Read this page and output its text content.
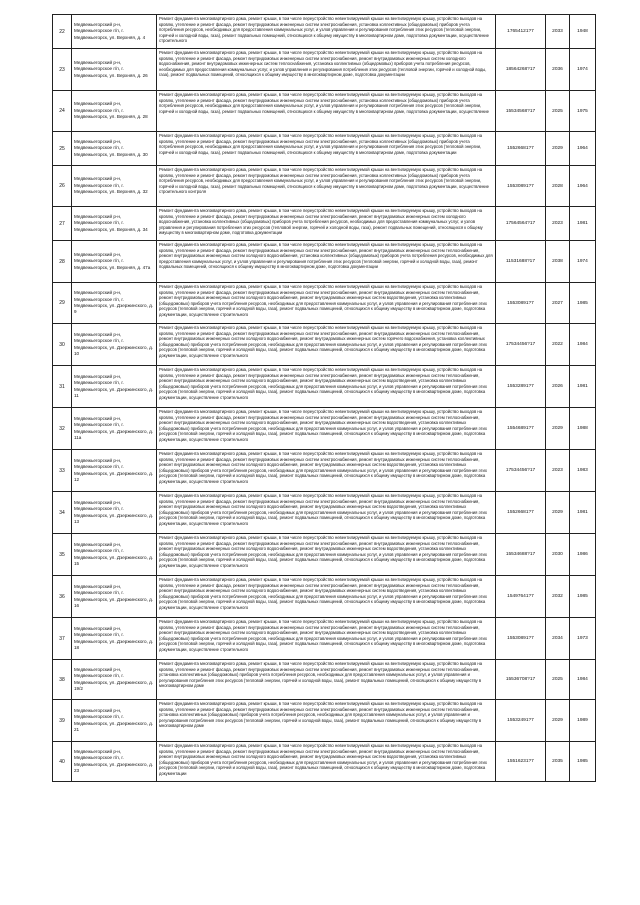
22	Медвежьегорский р-н, Медвежьегорское г/п, г. Медвежьегорск, ул. Верхняя, д. 4	Ремонт фундамента многоквартирного дома, ремонт крыши, в том числе переустройство невентилируемой крыши на вентилируемую крышу, устройство выходов на кровлю, утепление и ремонт фасада, ремонт внутридомовых инженерных систем электроснабжения, установка коллективных (общедомовых) приборов учета потребления ресурсов, необходимых для предоставления коммунальных услуг, и узлов управления и регулирования потребления этих ресурсов (тепловой энергии, горячей и холодной воды, газа), ремонт подвальных помещений, относящихся к общему имуществу в многоквартирном доме, подготовка документации, осуществление строительного	17654121?7	2033	1948
23	Медвежьегорский р-н, Медвежьегорское г/п, г. Медвежьегорск, ул. Верхняя, д. 26	Ремонт фундамента многоквартирного дома, ремонт крыши, в том числе переустройство невентилируемой крыши на вентилируемую крышу, устройство выходов на кровлю, утепление и ремонт фасада, ремонт внутридомовых инженерных систем электроснабжения, ремонт внутридомовых инженерных систем холодного водоснабжения, ремонт внутридомовых инженерных систем теплоснабжения, установка коллективных (общедомовых) приборов учета потребления ресурсов, необходимых для предоставления коммунальных услуг, и узлов управления и регулирования потребления этих ресурсов (тепловой энергии, горячей и холодной воды, газа), ремонт подвальных помещений, относящихся к общему имуществу в многоквартирном доме, подготовка документации	18564268?17	2036	1974
24	Медвежьегорский р-н, Медвежьегорское г/п, г. Медвежьегорск, ул. Верхняя, д. 28	Ремонт фундамента многоквартирного дома, ремонт крыши, в том числе переустройство невентилируемой крыши на вентилируемую крышу, устройство выходов на кровлю, утепление и ремонт фасада, ремонт внутридомовых инженерных систем электроснабжения, установка коллективных (общедомовых) приборов учета потребления ресурсов, необходимых для предоставления коммунальных услуг, и узлов управления и регулирования потребления этих ресурсов (тепловой энергии, горячей и холодной воды, газа), ремонт подвальных помещений, относящихся к общему имуществу в многоквартирном доме, подготовка документации, осуществление	15534568?17	2025	1975
25	Медвежьегорский р-н, Медвежьегорское г/п, г. Медвежьегорск, ул. Верхняя, д. 30	Ремонт фундамента многоквартирного дома, ремонт крыши, в том числе переустройство невентилируемой крыши на вентилируемую крышу, устройство выходов на кровлю, утепление и ремонт фасада, ремонт внутридомовых инженерных систем электроснабжения, установка коллективных (общедомовых) приборов учета потребления ресурсов, необходимых для предоставления коммунальных услуг, и узлов управления и регулирования потребления этих ресурсов (тепловой энергии, горячей и холодной воды, газа), ремонт подвальных помещений, относящихся к общему имуществу в многоквартирном доме, подготовка документации	15526681?7	2029	1964
26	Медвежьегорский р-н, Медвежьегорское г/п, г. Медвежьегорск, ул. Верхняя, д. 32	Ремонт фундамента многоквартирного дома, ремонт крыши, в том числе переустройство невентилируемой крыши на вентилируемую крышу, устройство выходов на кровлю, утепление и ремонт фасада, ремонт внутридомовых инженерных систем электроснабжения, установка коллективных (общедомовых) приборов учета потребления ресурсов, необходимых для предоставления коммунальных услуг, и узлов управления и регулирования потребления этих ресурсов (тепловой энергии, горячей и холодной воды, газа), ремонт подвальных помещений, относящихся к общему имуществу в многоквартирном доме, подготовка документации, осуществление строительного контроля	15530891?7	2028	1964
27	Медвежьегорский р-н, Медвежьегорское г/п, г. Медвежьегорск, ул. Верхняя, д. 34	Ремонт фундамента многоквартирного дома, ремонт крыши, в том числе переустройство невентилируемой крыши на вентилируемую крышу, устройство выходов на кровлю, утепление и ремонт фасада, ремонт внутридомовых инженерных систем электроснабжения, ремонт внутридомовых инженерных систем холодного водоснабжения, установка коллективных (общедомовых) приборов учета потребления ресурсов, необходимых для предоставления коммунальных услуг, и узлов управления и регулирования потребления этих ресурсов (тепловой энергии, горячей и холодной воды, газа), ремонт подвальных помещений, относящихся к общему имуществу в многоквартирном доме, подготовка документации	17564564?17	2023	1981
28	Медвежьегорский р-н, Медвежьегорское г/п, г. Медвежьегорск, ул. Верхняя, д. 47а	Ремонт фундамента многоквартирного дома, ремонт крыши, в том числе переустройство невентилируемой крыши на вентилируемую крышу, устройство выходов на кровлю, утепление и ремонт фасада, ремонт внутридомовых инженерных систем электроснабжения, ремонт внутридомовых инженерных систем теплоснабжения, ремонт внутридомовых инженерных систем холодного водоснабжения, установка коллективных (общедомовых) приборов учета потребления ресурсов, необходимых для предоставления коммунальных услуг, и узлов управления и регулирования потребления этих ресурсов (тепловой энергии, горячей и холодной воды, газа), ремонт подвальных помещений, относящихся к общему имуществу в многоквартирном доме, подготовка документации	11531688?17	2038	1974
29	Медвежьегорский р-н, Медвежьегорское г/п, г. Медвежьегорск, ул. Дзержинского, д. 9	Ремонт фундамента многоквартирного дома, ремонт крыши, в том числе переустройство невентилируемой крыши на вентилируемую крышу, устройство выходов на кровлю, утепление и ремонт фасада, ремонт внутридомовых инженерных систем электроснабжения, ремонт внутридомовых инженерных систем теплоснабжения, ремонт внутридомовых инженерных систем холодного водоснабжения, ремонт внутридомовых инженерных систем водоотведения, установка коллективных (общедомовых) приборов учета потребления ресурсов, необходимых для предоставления коммунальных услуг, и узлов управления и регулирования потребления этих ресурсов (тепловой энергии, горячей и холодной воды, газа), ремонт подвальных помещений, относящихся к общему имуществу в многоквартирном доме, подготовка документации, осуществление строительного	15530891?7	2027	1985
30	Медвежьегорский р-н, Медвежьегорское г/п, г. Медвежьегорск, ул. Дзержинского, д. 10	Ремонт фундамента многоквартирного дома, ремонт крыши, в том числе переустройство невентилируемой крыши на вентилируемую крышу, устройство выходов на кровлю, утепление и ремонт фасада, ремонт внутридомовых инженерных систем электроснабжения, ремонт внутридомовых инженерных систем теплоснабжения, ремонт внутридомовых инженерных систем холодного водоснабжения, ремонт внутридомовых инженерных систем горячего водоснабжения, установка коллективных (общедомовых) приборов учета потребления ресурсов, необходимых для предоставления коммунальных услуг, и узлов управления и регулирования потребления этих ресурсов (тепловой энергии, горячей и холодной воды, газа), ремонт подвальных помещений, относящихся к общему имуществу в многоквартирном доме, подготовка документации, осуществление строительного	17534456?17	2022	1984
31	Медвежьегорский р-н, Медвежьегорское г/п, г. Медвежьегорск, ул. Дзержинского, д. 11	Ремонт фундамента многоквартирного дома, ремонт крыши, в том числе переустройство невентилируемой крыши на вентилируемую крышу, устройство выходов на кровлю, утепление и ремонт фасада, ремонт внутридомовых инженерных систем электроснабжения, ремонт внутридомовых инженерных систем теплоснабжения, ремонт внутридомовых инженерных систем холодного водоснабжения, ремонт внутридомовых инженерных систем водоотведения, установка коллективных (общедомовых) приборов учета потребления ресурсов, необходимых для предоставления коммунальных услуг, и узлов управления и регулирования потребления этих ресурсов (тепловой энергии, горячей и холодной воды, газа), ремонт подвальных помещений, относящихся к общему имуществу в многоквартирном доме, подготовка документации, осуществление строительного	15532891?7	2026	1981
32	Медвежьегорский р-н, Медвежьегорское г/п, г. Медвежьегорск, ул. Дзержинского, д. 11а	Ремонт фундамента многоквартирного дома, ремонт крыши, в том числе переустройство невентилируемой крыши на вентилируемую крышу, устройство выходов на кровлю, утепление и ремонт фасада, ремонт внутридомовых инженерных систем электроснабжения, ремонт внутридомовых инженерных систем теплоснабжения, ремонт внутридомовых инженерных систем холодного водоснабжения, ремонт внутридомовых инженерных систем водоотведения, установка коллективных (общедомовых) приборов учета потребления ресурсов, необходимых для предоставления коммунальных услуг, и узлов управления и регулирования потребления этих ресурсов (тепловой энергии, горячей и холодной воды, газа), ремонт подвальных помещений, относящихся к общему имуществу в многоквартирном доме, подготовка документации, осуществление строительного	15546891?7	2029	1988
33	Медвежьегорский р-н, Медвежьегорское г/п, г. Медвежьегорск, ул. Дзержинского, д. 12	Ремонт фундамента многоквартирного дома, ремонт крыши, в том числе переустройство невентилируемой крыши на вентилируемую крышу, устройство выходов на кровлю, утепление и ремонт фасада, ремонт внутридомовых инженерных систем электроснабжения, ремонт внутридомовых инженерных систем теплоснабжения, ремонт внутридомовых инженерных систем холодного водоснабжения, ремонт внутридомовых инженерных систем водоотведения, установка коллективных (общедомовых) приборов учета потребления ресурсов, необходимых для предоставления коммунальных услуг, и узлов управления и регулирования потребления этих ресурсов (тепловой энергии, горячей и холодной воды, газа), ремонт подвальных помещений, относящихся к общему имуществу в многоквартирном доме, подготовка документации, осуществление строительного	17534456?17	2023	1983
34	Медвежьегорский р-н, Медвежьегорское г/п, г. Медвежьегорск, ул. Дзержинского, д. 13	Ремонт фундамента многоквартирного дома, ремонт крыши, в том числе переустройство невентилируемой крыши на вентилируемую крышу, устройство выходов на кровлю, утепление и ремонт фасада, ремонт внутридомовых инженерных систем электроснабжения, ремонт внутридомовых инженерных систем теплоснабжения, ремонт внутридомовых инженерных систем холодного водоснабжения, ремонт внутридомовых инженерных систем водоотведения, установка коллективных (общедомовых) приборов учета потребления ресурсов, необходимых для предоставления коммунальных услуг, и узлов управления и регулирования потребления этих ресурсов (тепловой энергии, горячей и холодной воды, газа), ремонт подвальных помещений, относящихся к общему имуществу в многоквартирном доме, подготовка документации, осуществление строительного	15526681?7	2029	1981
35	Медвежьегорский р-н, Медвежьегорское г/п, г. Медвежьегорск, ул. Дзержинского, д. 15	Ремонт фундамента многоквартирного дома, ремонт крыши, в том числе переустройство невентилируемой крыши на вентилируемую крышу, устройство выходов на кровлю, утепление и ремонт фасада, ремонт внутридомовых инженерных систем электроснабжения, ремонт внутридомовых инженерных систем теплоснабжения, ремонт внутридомовых инженерных систем холодного водоснабжения, ремонт внутридомовых инженерных систем водоотведения, установка коллективных (общедомовых) приборов учета потребления ресурсов, необходимых для предоставления коммунальных услуг, и узлов управления и регулирования потребления этих ресурсов (тепловой энергии, горячей и холодной воды, газа), ремонт подвальных помещений, относящихся к общему имуществу в многоквартирном доме, подготовка документации, осуществление строительного	15534688?17	2030	1986
36	Медвежьегорский р-н, Медвежьегорское г/п, г. Медвежьегорск, ул. Дзержинского, д. 16	Ремонт фундамента многоквартирного дома, ремонт крыши, в том числе переустройство невентилируемой крыши на вентилируемую крышу, устройство выходов на кровлю, утепление и ремонт фасада, ремонт внутридомовых инженерных систем электроснабжения, ремонт внутридомовых инженерных систем теплоснабжения, ремонт внутридомовых инженерных систем холодного водоснабжения, ремонт внутридомовых инженерных систем водоотведения, установка коллективных (общедомовых) приборов учета потребления ресурсов, необходимых для предоставления коммунальных услуг, и узлов управления и регулирования потребления этих ресурсов (тепловой энергии, горячей и холодной воды, газа), ремонт подвальных помещений, относящихся к общему имуществу в многоквартирном доме, подготовка документации, осуществление строительного	15497641?7	2032	1985
37	Медвежьегорский р-н, Медвежьегорское г/п, г. Медвежьегорск, ул. Дзержинского, д. 18	Ремонт фундамента многоквартирного дома, ремонт крыши, в том числе переустройство невентилируемой крыши на вентилируемую крышу, устройство выходов на кровлю, утепление и ремонт фасада, ремонт внутридомовых инженерных систем электроснабжения, ремонт внутридомовых инженерных систем теплоснабжения, ремонт внутридомовых инженерных систем холодного водоснабжения, ремонт внутридомовых инженерных систем водоотведения, установка коллективных (общедомовых) приборов учета потребления ресурсов, необходимых для предоставления коммунальных услуг, и узлов управления и регулирования потребления этих ресурсов (тепловой энергии, горячей и холодной воды, газа), ремонт подвальных помещений, относящихся к общему имуществу в многоквартирном доме, подготовка документации, осуществление строительного	15530891?7	2034	1973
38	Медвежьегорский р-н, Медвежьегорское г/п, г. Медвежьегорск, ул. Дзержинского, д. 19/2	Ремонт фундамента многоквартирного дома, ремонт крыши, в том числе переустройство невентилируемой крыши на вентилируемую крышу, устройство выходов на кровлю, утепление и ремонт фасада, ремонт внутридомовых инженерных систем электроснабжения, ремонт внутридомовых инженерных систем теплоснабжения, установка коллективных (общедомовых) приборов учета потребления ресурсов, необходимых для предоставления коммунальных услуг, и узлов управления и регулирования потребления этих ресурсов (тепловой энергии, горячей и холодной воды, газа), ремонт подвальных помещений, относящихся к общему имуществу в многоквартирном доме	15536708?17	2025	1984
39	Медвежьегорский р-н, Медвежьегорское г/п, г. Медвежьегорск, ул. Дзержинского, д. 21	Ремонт фундамента многоквартирного дома, ремонт крыши, в том числе переустройство невентилируемой крыши на вентилируемую крышу, устройство выходов на кровлю, утепление и ремонт фасада, ремонт внутридомовых инженерных систем электроснабжения, ремонт внутридомовых инженерных систем теплоснабжения, установка коллективных (общедомовых) приборов учета потребления ресурсов, необходимых для предоставления коммунальных услуг, и узлов управления и регулирования потребления этих ресурсов (тепловой энергии, горячей и холодной воды, газа), ремонт подвальных помещений, относящихся к общему имуществу в многоквартирном доме	15532491?7	2029	1989
40	Медвежьегорский р-н, Медвежьегорское г/п, г. Медвежьегорск, ул. Дзержинского, д. 23	Ремонт фундамента многоквартирного дома, ремонт крыши, в том числе переустройство невентилируемой крыши на вентилируемую крышу, устройство выходов на кровлю, утепление и ремонт фасада, ремонт внутридомовых инженерных систем электроснабжения, ремонт внутридомовых инженерных систем теплоснабжения, ремонт внутридомовых инженерных систем холодного водоснабжения, ремонт внутридомовых инженерных систем водоотведения, установка коллективных (общедомовых) приборов учета потребления ресурсов, необходимых для предоставления коммунальных услуг, и узлов управления и регулирования потребления этих ресурсов (тепловой энергии, горячей и холодной воды, газа), ремонт подвальных помещений, относящихся к общему имуществу в многоквартирном доме, подготовка документации	15516231?7	2035	1985
